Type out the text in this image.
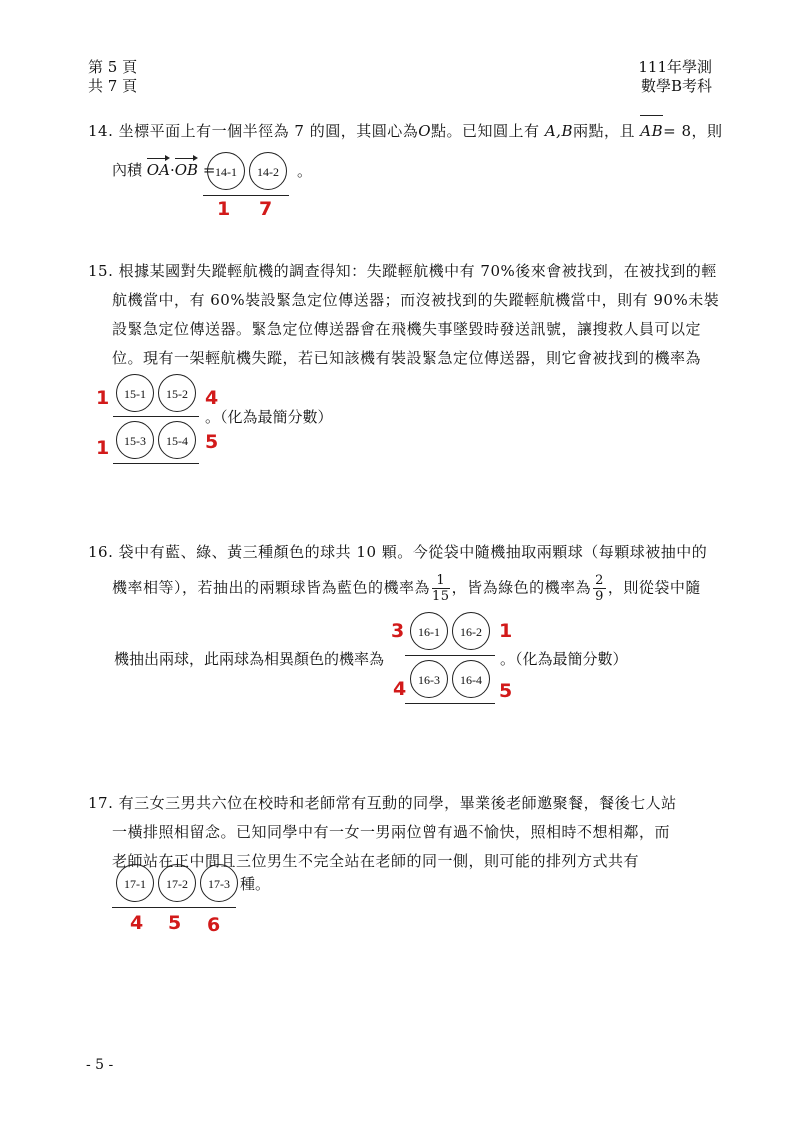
第 5 頁
共 7 頁
111年學測
數學B考科
14. 坐標平面上有一個半徑為 7 的圓，其圓心為O點。已知圓上有 A,B兩點，且 AB= 8，則
內積 OA·OB = 14-1 14-2	。
1 7
15. 根據某國對失蹤輕航機的調查得知：失蹤輕航機中有 70%後來會被找到，在被找到的輕
航機當中，有 60%裝設緊急定位傳送器；而沒被找到的失蹤輕航機當中，則有 90%未裝
設緊急定位傳送器。緊急定位傳送器會在飛機失事墜毀時發送訊號，讓搜救人員可以定
位。現有一架輕航機失蹤，若已知該機有裝設緊急定位傳送器，則它會被找到的機率為
15-1 15-2
15-3 15-4
。（化為最簡分數）
1	4
1	5
16. 袋中有藍、綠、黃三種顏色的球共 10 顆。今從袋中隨機抽取兩顆球（每顆球被抽中的
機率相等），若抽出的兩顆球皆為藍色的機率為 $\frac{1}{15}$ ，皆為綠色的機率為 $\frac{2}{9}$ ，則從袋中隨
機抽出兩球，此兩球為相異顏色的機率為
16-1 16-2
16-3 16-4
。（化為最簡分數）
3	1
4	5
17. 有三女三男共六位在校時和老師常有互動的同學，畢業後老師邀聚餐，餐後七人站
一橫排照相留念。已知同學中有一女一男兩位曾有過不愉快，照相時不想相鄰，而
老師站在正中間且三位男生不完全站在老師的同一側，則可能的排列方式共有
17-1 17-2 17-3 種。
4 5 6
- 5 -
